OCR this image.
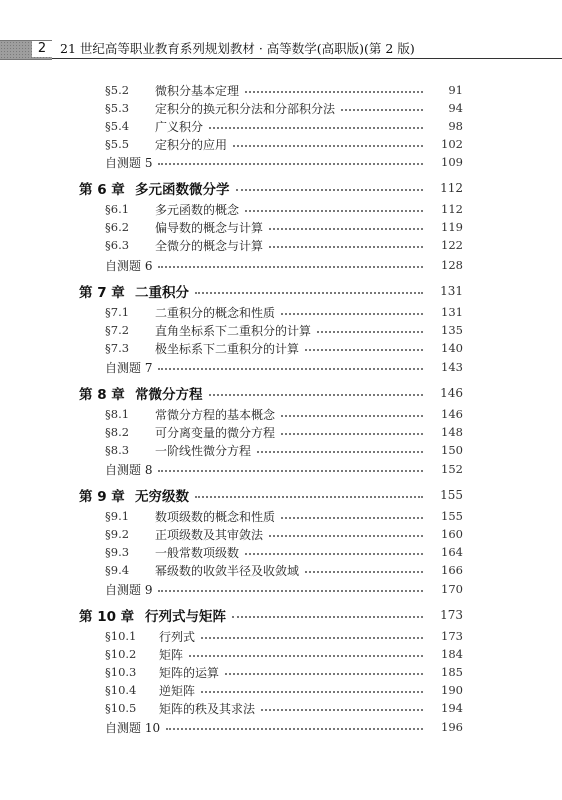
2	21 世纪高等职业教育系列规划教材 · 高等数学(高职版)(第 2 版)
§5.2	微积分基本定理	91
§5.3	定积分的换元积分法和分部积分法	94
§5.4	广义积分	98
§5.5	定积分的应用	102
自测题 5	109
第 6 章 多元函数微分学	112
§6.1	多元函数的概念	112
§6.2	偏导数的概念与计算	119
§6.3	全微分的概念与计算	122
自测题 6	128
第 7 章 二重积分	131
§7.1	二重积分的概念和性质	131
§7.2	直角坐标系下二重积分的计算	135
§7.3	极坐标系下二重积分的计算	140
自测题 7	143
第 8 章 常微分方程	146
§8.1	常微分方程的基本概念	146
§8.2	可分离变量的微分方程	148
§8.3	一阶线性微分方程	150
自测题 8	152
第 9 章 无穷级数	155
§9.1	数项级数的概念和性质	155
§9.2	正项级数及其审敛法	160
§9.3	一般常数项级数	164
§9.4	幂级数的收敛半径及收敛域	166
自测题 9	170
第 10 章 行列式与矩阵	173
§10.1	行列式	173
§10.2	矩阵	184
§10.3	矩阵的运算	185
§10.4	逆矩阵	190
§10.5	矩阵的秩及其求法	194
自测题 10	196
